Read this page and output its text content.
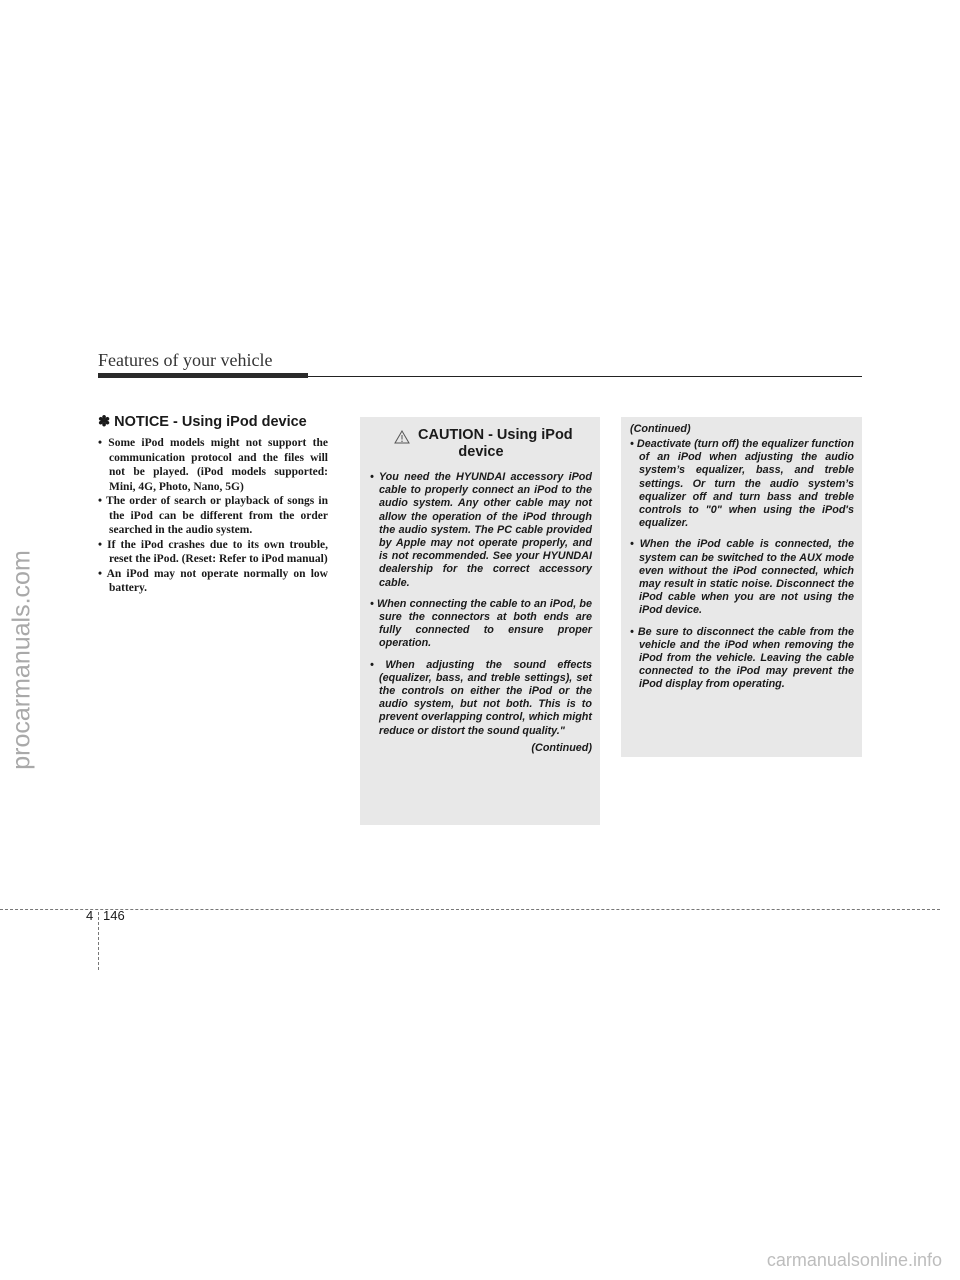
procarmanuals.com
Features of your vehicle
✽ NOTICE - Using iPod device
• Some iPod models might not support the communication protocol and the files will not be played. (iPod models supported: Mini, 4G, Photo, Nano, 5G)
• The order of search or playback of songs in the iPod can be different from the order searched in the audio system.
• If the iPod crashes due to its own trouble, reset the iPod. (Reset: Refer to iPod manual)
• An iPod may not operate normally on low battery.
CAUTION - Using iPod
device
• You need the HYUNDAI accessory iPod cable to properly connect an iPod to the audio system. Any other cable may not allow the operation of the iPod through the audio system. The PC cable provided by Apple may not operate properly, and is not recommended. See your HYUNDAI dealership for the correct accessory cable.
• When connecting the cable to an iPod, be sure the connectors at both ends are fully connected to ensure proper operation.
• When adjusting the sound effects (equalizer, bass, and treble settings), set the controls on either the iPod or the audio system, but not both. This is to prevent overlapping control, which might reduce or distort the sound quality."
(Continued)
(Continued)
• Deactivate (turn off) the equalizer function of an iPod when adjusting the audio system’s equalizer, bass, and treble settings. Or turn the audio system’s equalizer off and turn bass and treble controls to "0" when using the iPod's equalizer.
• When the iPod cable is connected, the system can be switched to the AUX mode even without the iPod connected, which may result in static noise. Disconnect the iPod cable when you are not using the iPod device.
• Be sure to disconnect the cable from the vehicle and the iPod when removing the iPod from the vehicle. Leaving the cable connected to the iPod may prevent the iPod display from operating.
4 146
carmanualsonline.info
